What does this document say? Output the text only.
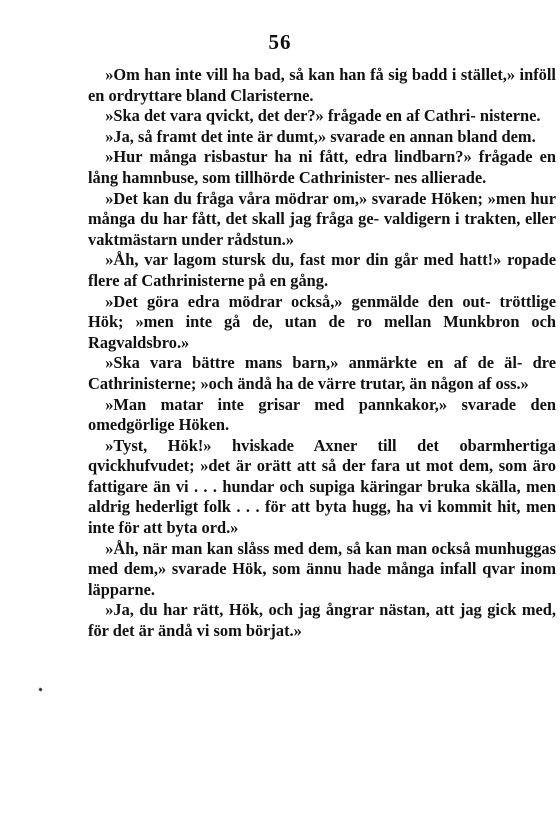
56

»Om han inte vill ha bad, så kan han få sig badd i stället,» inföll en ordryttare bland Claristerne.

»Ska det vara qvickt, det der?» frågade en af Cathri- nisterne.

»Ja, så framt det inte är dumt,» svarade en annan bland dem.

»Hur många risbastur ha ni fått, edra lindbarn?» frågade en lång hamnbuse, som tillhörde Cathrinister- nes allierade.

»Det kan du fråga våra mödrar om,» svarade Höken; »men hur många du har fått, det skall jag fråga ge- valdigern i trakten, eller vaktmästarn under rådstun.»

»Åh, var lagom stursk du, fast mor din går med hatt!» ropade flere af Cathrinisterne på en gång.

»Det göra edra mödrar också,» genmälde den out- tröttlige Hök; »men inte gå de, utan de ro mellan Munkbron och Ragvaldsbro.»

»Ska vara bättre mans barn,» anmärkte en af de äl- dre Cathrinisterne; »och ändå ha de värre trutar, än någon af oss.»

»Man matar inte grisar med pannkakor,» svarade den omedgörlige Höken.

»Tyst, Hök!» hviskade Axner till det obarmhertiga qvickhufvudet; »det är orätt att så der fara ut mot dem, som äro fattigare än vi . . . hundar och supiga käringar bruka skälla, men aldrig hederligt folk . . . för att byta hugg, ha vi kommit hit, men inte för att byta ord.»

»Åh, när man kan slåss med dem, så kan man också munhuggas med dem,» svarade Hök, som ännu hade många infall qvar inom läpparne.

»Ja, du har rätt, Hök, och jag ångrar nästan, att jag gick med, för det är ändå vi som börjat.»
